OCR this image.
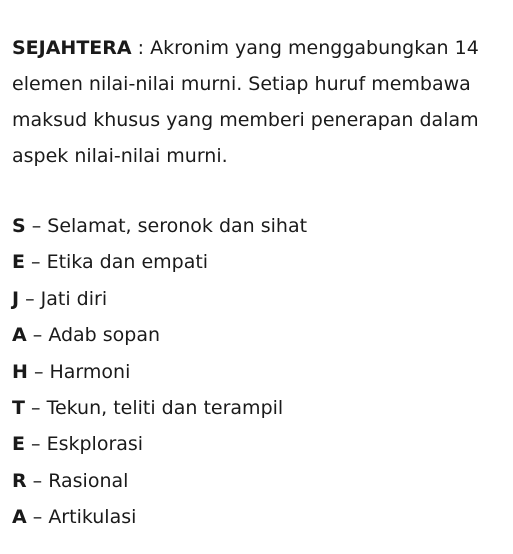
SEJAHTERA : Akronim yang menggabungkan 14 elemen nilai-nilai murni. Setiap huruf membawa maksud khusus yang memberi penerapan dalam aspek nilai-nilai murni.

S – Selamat, seronok dan sihat
E – Etika dan empati
J – Jati diri
A – Adab sopan
H – Harmoni
T – Tekun, teliti dan terampil
E – Eskplorasi
R – Rasional
A – Artikulasi
